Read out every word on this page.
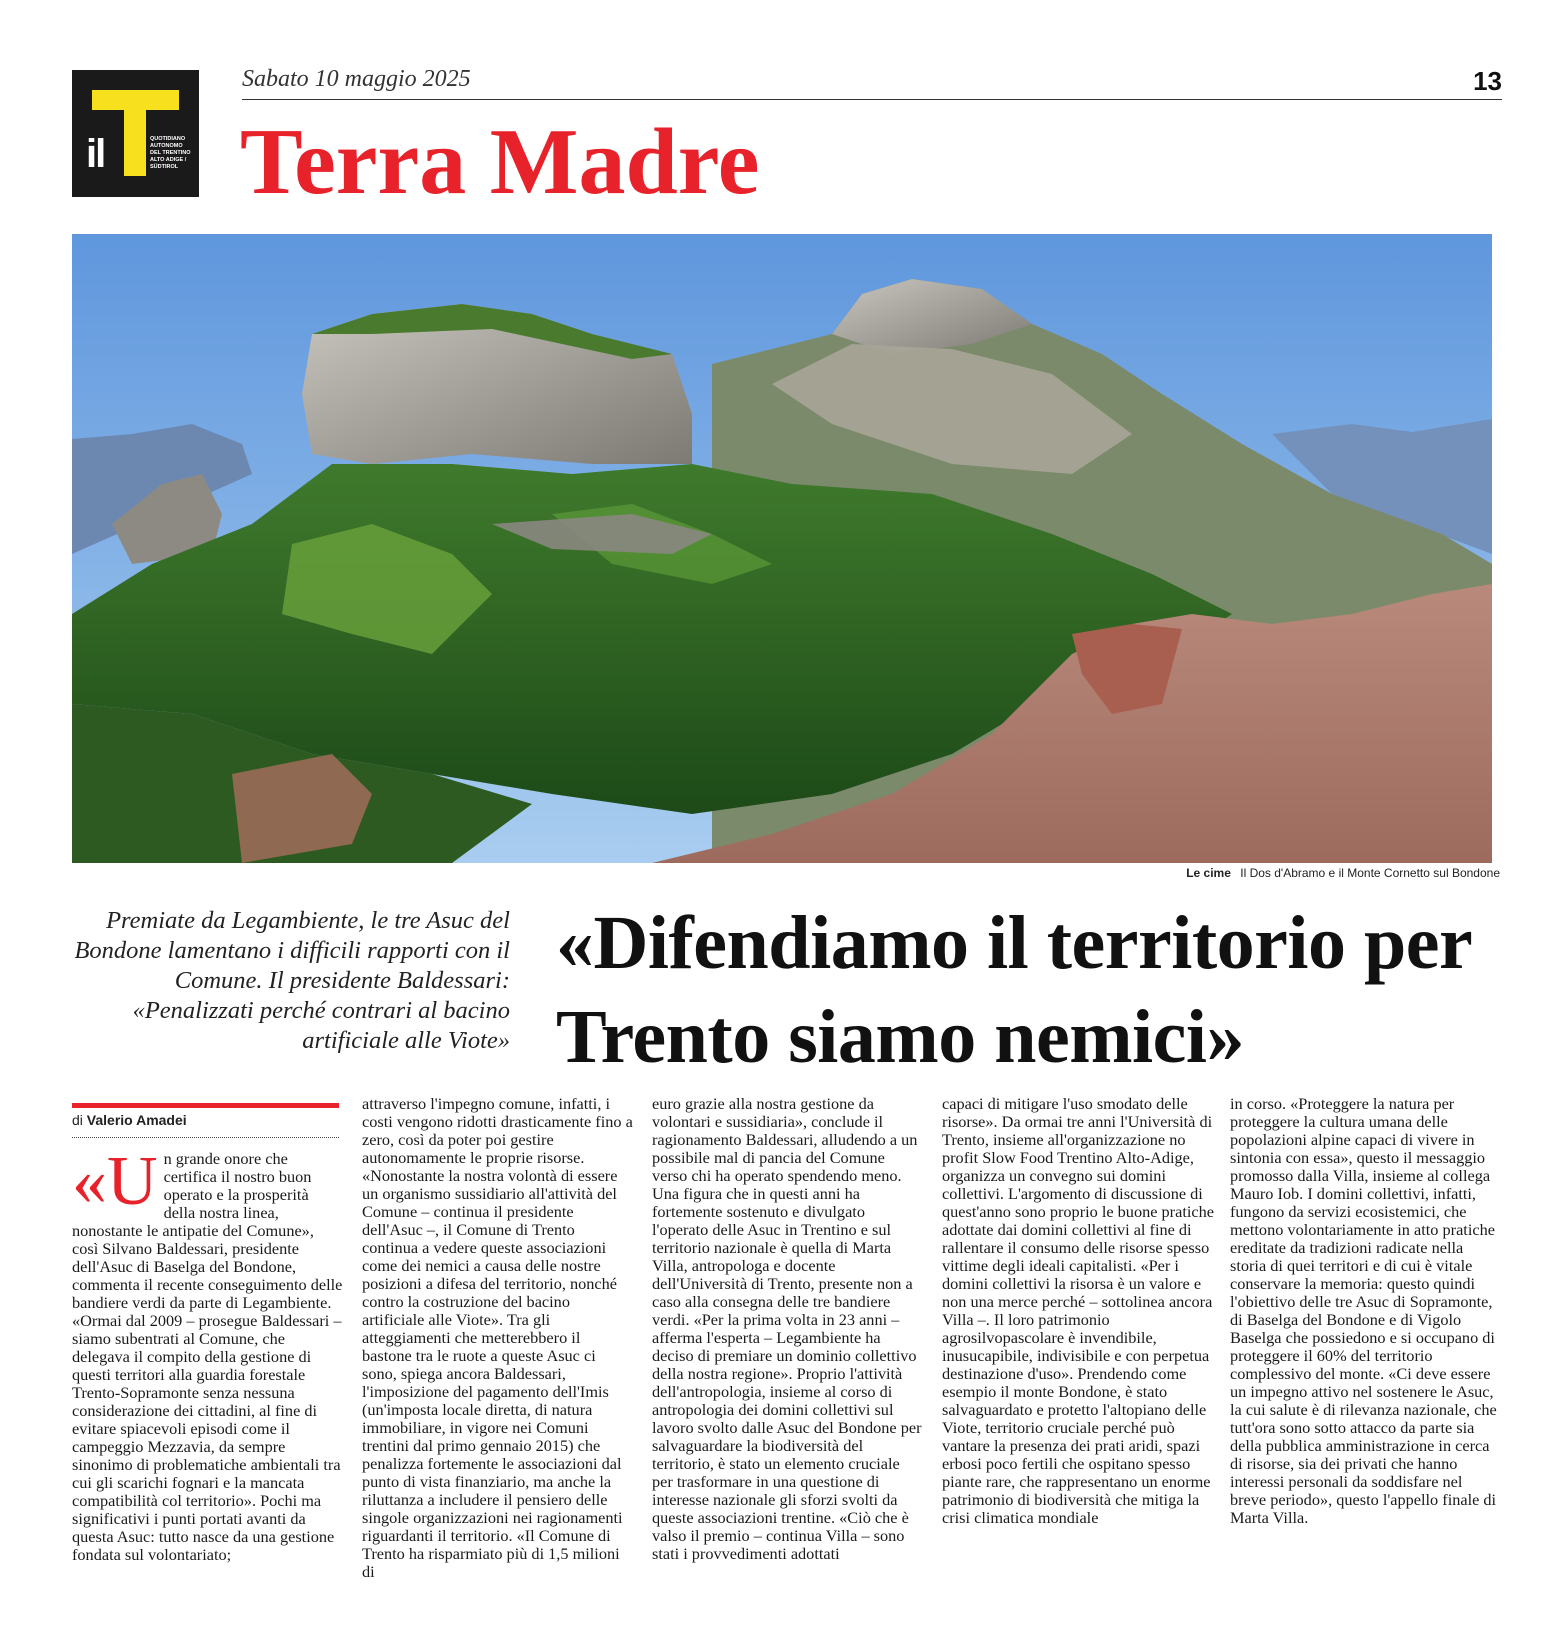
il	QUOTIDIANO
AUTONOMO
DEL TRENTINO
ALTO ADIGE /
SÜDTIROL
Sabato 10 maggio 2025	13
Terra Madre
Le cime Il Dos d'Abramo e il Monte Cornetto sul Bondone
Premiate da Legambiente, le tre Asuc del Bondone lamentano i difficili rapporti con il Comune. Il presidente Baldessari: «Penalizzati perché contrari al bacino artificiale alle Viote»
«Difendiamo il territorio per Trento siamo nemici»
di Valerio Amadei
«U n grande onore che certifica il nostro buon operato e la prosperità della nostra linea, nonostante le antipatie del Comune», così Silvano Baldessari, presidente dell'Asuc di Baselga del Bondone, commenta il recente conseguimento delle bandiere verdi da parte di Legambiente. «Ormai dal 2009 – prosegue Baldessari – siamo subentrati al Comune, che delegava il compito della gestione di questi territori alla guardia forestale Trento-Sopramonte senza nessuna considerazione dei cittadini, al fine di evitare spiacevoli episodi come il campeggio Mezzavia, da sempre sinonimo di problematiche ambientali tra cui gli scarichi fognari e la mancata compatibilità col territorio». Pochi ma significativi i punti portati avanti da questa Asuc: tutto nasce da una gestione fondata sul volontariato;
attraverso l'impegno comune, infatti, i costi vengono ridotti drasticamente fino a zero, così da poter poi gestire autonomamente le proprie risorse. «Nonostante la nostra volontà di essere un organismo sussidiario all'attività del Comune – continua il presidente dell'Asuc –, il Comune di Trento continua a vedere queste associazioni come dei nemici a causa delle nostre posizioni a difesa del territorio, nonché contro la costruzione del bacino artificiale alle Viote». Tra gli atteggiamenti che metterebbero il bastone tra le ruote a queste Asuc ci sono, spiega ancora Baldessari, l'imposizione del pagamento dell'Imis (un'imposta locale diretta, di natura immobiliare, in vigore nei Comuni trentini dal primo gennaio 2015) che penalizza fortemente le associazioni dal punto di vista finanziario, ma anche la riluttanza a includere il pensiero delle singole organizzazioni nei ragionamenti riguardanti il territorio. «Il Comune di Trento ha risparmiato più di 1,5 milioni di
euro grazie alla nostra gestione da volontari e sussidiaria», conclude il ragionamento Baldessari, alludendo a un possibile mal di pancia del Comune verso chi ha operato spendendo meno. Una figura che in questi anni ha fortemente sostenuto e divulgato l'operato delle Asuc in Trentino e sul territorio nazionale è quella di Marta Villa, antropologa e docente dell'Università di Trento, presente non a caso alla consegna delle tre bandiere verdi. «Per la prima volta in 23 anni – afferma l'esperta – Legambiente ha deciso di premiare un dominio collettivo della nostra regione». Proprio l'attività dell'antropologia, insieme al corso di antropologia dei domini collettivi sul lavoro svolto dalle Asuc del Bondone per salvaguardare la biodiversità del territorio, è stato un elemento cruciale per trasformare in una questione di interesse nazionale gli sforzi svolti da queste associazioni trentine. «Ciò che è valso il premio – continua Villa – sono stati i provvedimenti adottati
capaci di mitigare l'uso smodato delle risorse». Da ormai tre anni l'Università di Trento, insieme all'organizzazione no profit Slow Food Trentino Alto-Adige, organizza un convegno sui domini collettivi. L'argomento di discussione di quest'anno sono proprio le buone pratiche adottate dai domini collettivi al fine di rallentare il consumo delle risorse spesso vittime degli ideali capitalisti. «Per i domini collettivi la risorsa è un valore e non una merce perché – sottolinea ancora Villa –. Il loro patrimonio agrosilvopascolare è invendibile, inusucapibile, indivisibile e con perpetua destinazione d'uso». Prendendo come esempio il monte Bondone, è stato salvaguardato e protetto l'altopiano delle Viote, territorio cruciale perché può vantare la presenza dei prati aridi, spazi erbosi poco fertili che ospitano spesso piante rare, che rappresentano un enorme patrimonio di biodiversità che mitiga la crisi climatica mondiale
in corso. «Proteggere la natura per proteggere la cultura umana delle popolazioni alpine capaci di vivere in sintonia con essa», questo il messaggio promosso dalla Villa, insieme al collega Mauro Iob. I domini collettivi, infatti, fungono da servizi ecosistemici, che mettono volontariamente in atto pratiche ereditate da tradizioni radicate nella storia di quei territori e di cui è vitale conservare la memoria: questo quindi l'obiettivo delle tre Asuc di Sopramonte, di Baselga del Bondone e di Vigolo Baselga che possiedono e si occupano di proteggere il 60% del territorio complessivo del monte. «Ci deve essere un impegno attivo nel sostenere le Asuc, la cui salute è di rilevanza nazionale, che tutt'ora sono sotto attacco da parte sia della pubblica amministrazione in cerca di risorse, sia dei privati che hanno interessi personali da soddisfare nel breve periodo», questo l'appello finale di Marta Villa.
